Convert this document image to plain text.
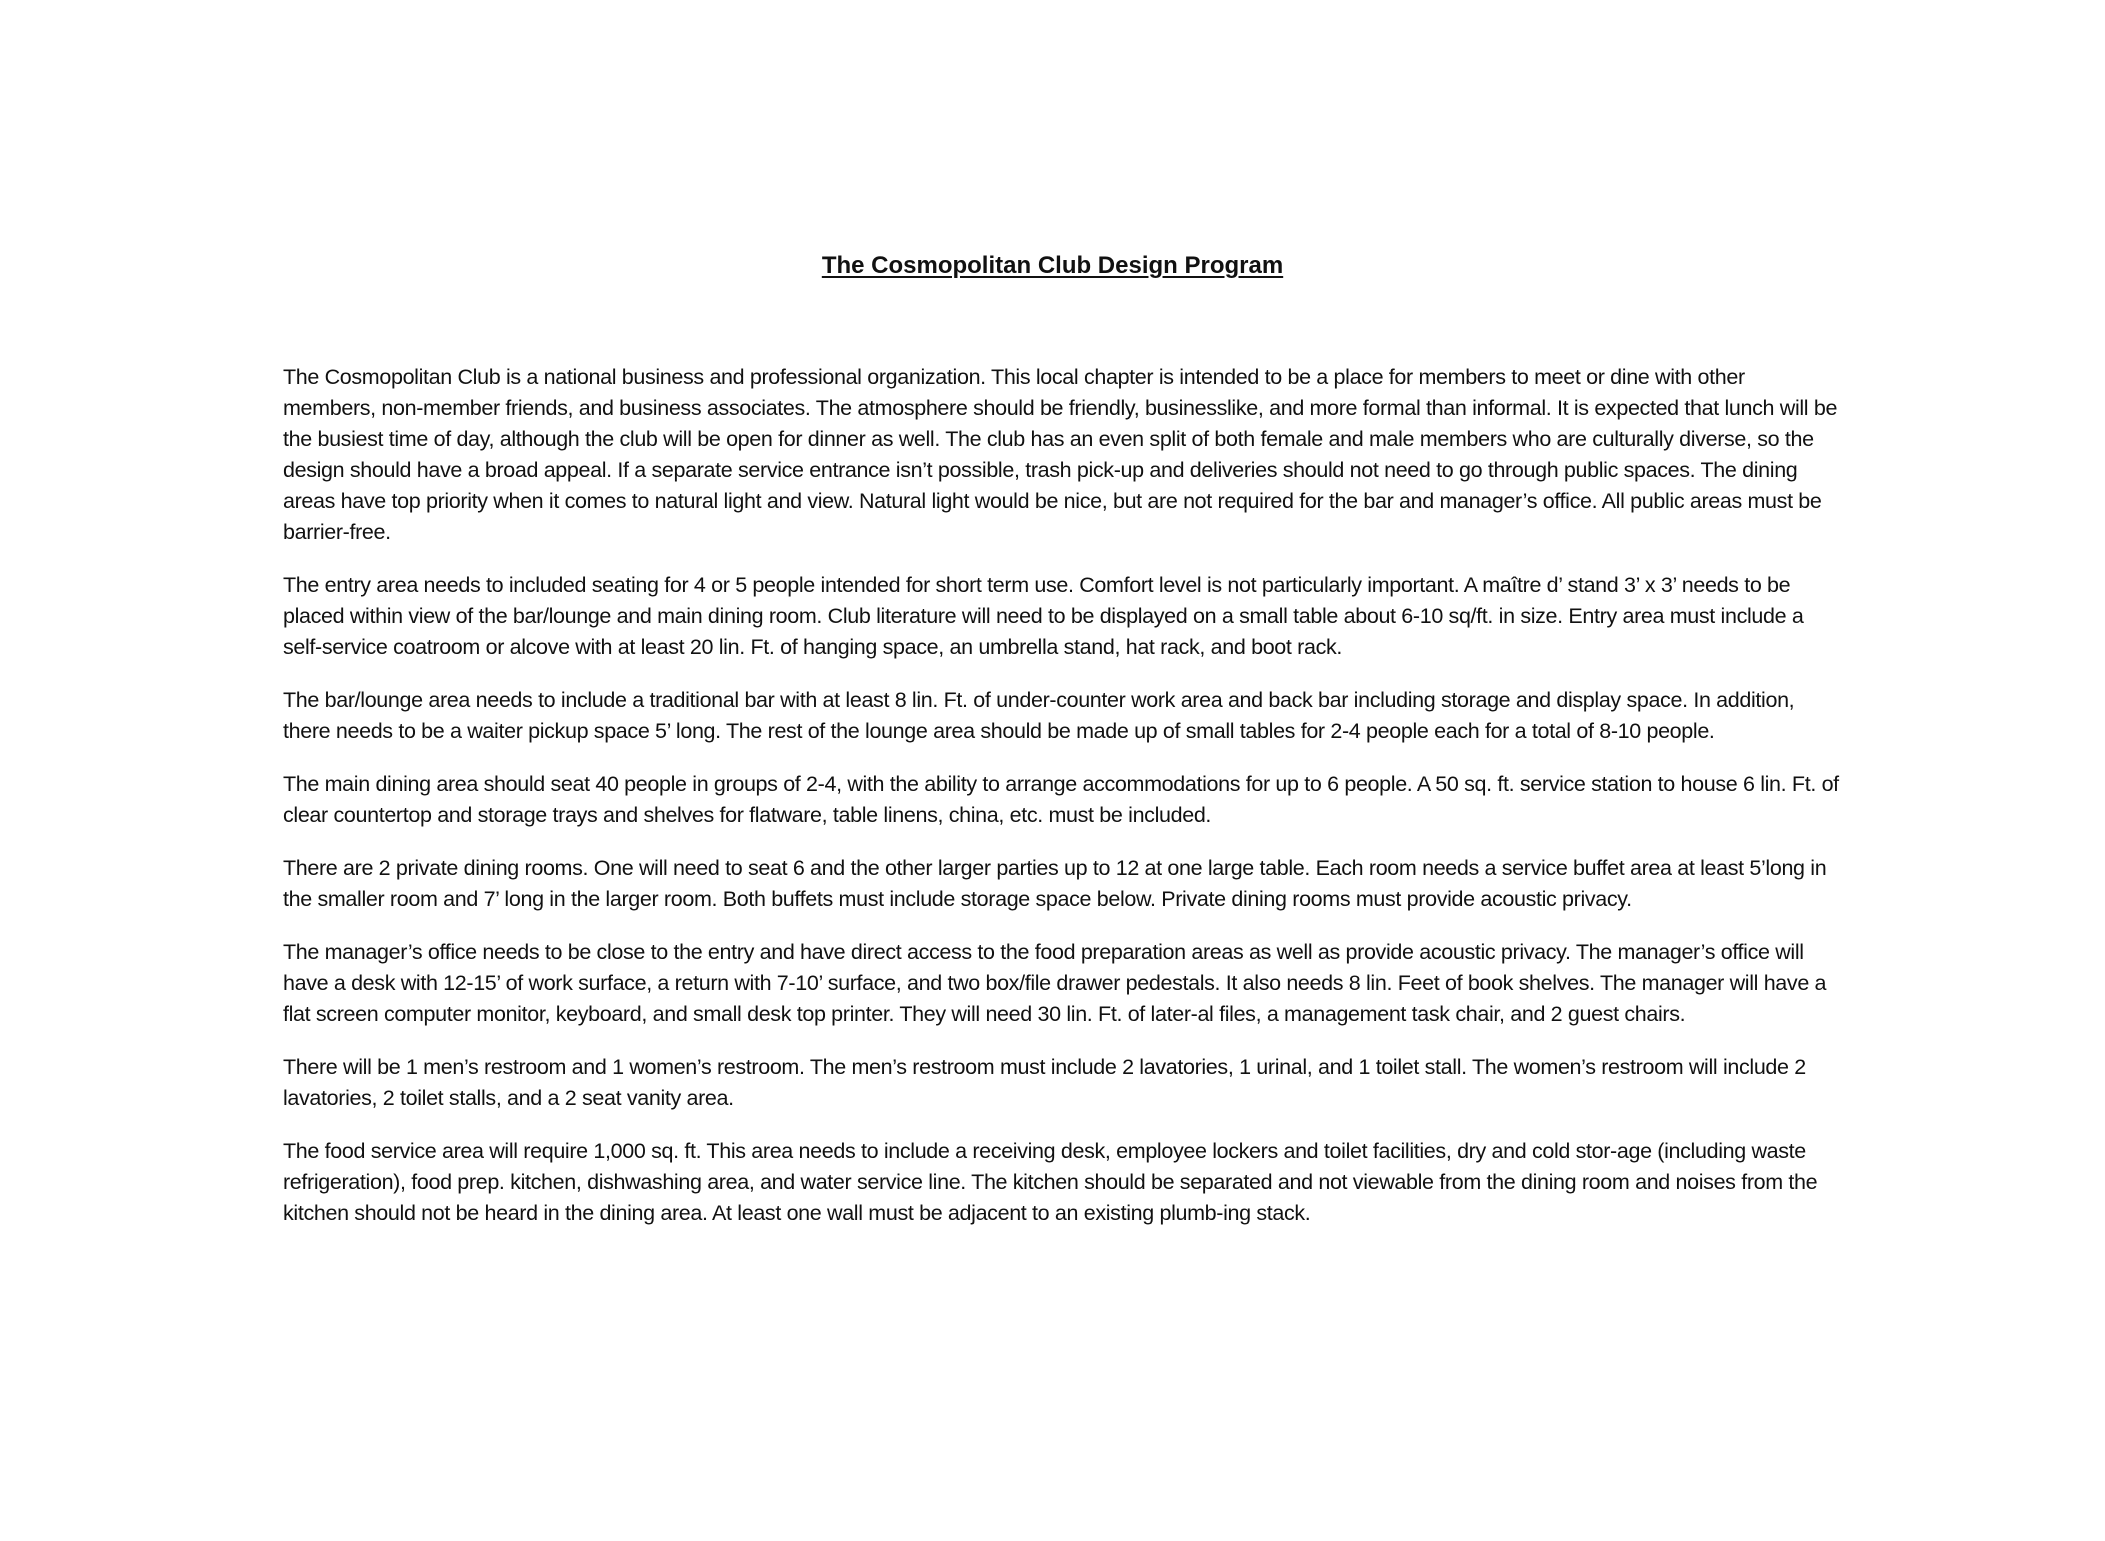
The Cosmopolitan Club Design Program

The Cosmopolitan Club is a national business and professional organization. This local chapter is intended to be a place for members to meet or dine with other members, non-member friends, and business associates. The atmosphere should be friendly, businesslike, and more formal than informal. It is expected that lunch will be the busiest time of day, although the club will be open for dinner as well. The club has an even split of both female and male members who are culturally diverse, so the design should have a broad appeal. If a separate service entrance isn’t possible, trash pick-up and deliveries should not need to go through public spaces. The dining areas have top priority when it comes to natural light and view. Natural light would be nice, but are not required for the bar and manager’s office. All public areas must be barrier-free.

The entry area needs to included seating for 4 or 5 people intended for short term use. Comfort level is not particularly important. A maître d’ stand 3’ x 3’ needs to be placed within view of the bar/lounge and main dining room. Club literature will need to be displayed on a small table about 6-10 sq/ft. in size. Entry area must include a self-service coatroom or alcove with at least 20 lin. Ft. of hanging space, an umbrella stand, hat rack, and boot rack.

The bar/lounge area needs to include a traditional bar with at least 8 lin. Ft. of under-counter work area and back bar including storage and display space. In addition, there needs to be a waiter pickup space 5’ long. The rest of the lounge area should be made up of small tables for 2-4 people each for a total of 8-10 people.

The main dining area should seat 40 people in groups of 2-4, with the ability to arrange accommodations for up to 6 people. A 50 sq. ft. service station to house 6 lin. Ft. of clear countertop and storage trays and shelves for flatware, table linens, china, etc. must be included.

There are 2 private dining rooms. One will need to seat 6 and the other larger parties up to 12 at one large table. Each room needs a service buffet area at least 5’long in the smaller room and 7’ long in the larger room. Both buffets must include storage space below. Private dining rooms must provide acoustic privacy.

The manager’s office needs to be close to the entry and have direct access to the food preparation areas as well as provide acoustic privacy. The manager’s office will have a desk with 12-15’ of work surface, a return with 7-10’ surface, and two box/file drawer pedestals. It also needs 8 lin. Feet of book shelves. The manager will have a flat screen computer monitor, keyboard, and small desk top printer. They will need 30 lin. Ft. of later-al files, a management task chair, and 2 guest chairs.

There will be 1 men’s restroom and 1 women’s restroom. The men’s restroom must include 2 lavatories, 1 urinal, and 1 toilet stall. The women’s restroom will include 2 lavatories, 2 toilet stalls, and a 2 seat vanity area.

The food service area will require 1,000 sq. ft. This area needs to include a receiving desk, employee lockers and toilet facilities, dry and cold stor-age (including waste refrigeration), food prep. kitchen, dishwashing area, and water service line. The kitchen should be separated and not viewable from the dining room and noises from the kitchen should not be heard in the dining area. At least one wall must be adjacent to an existing plumb-ing stack.
